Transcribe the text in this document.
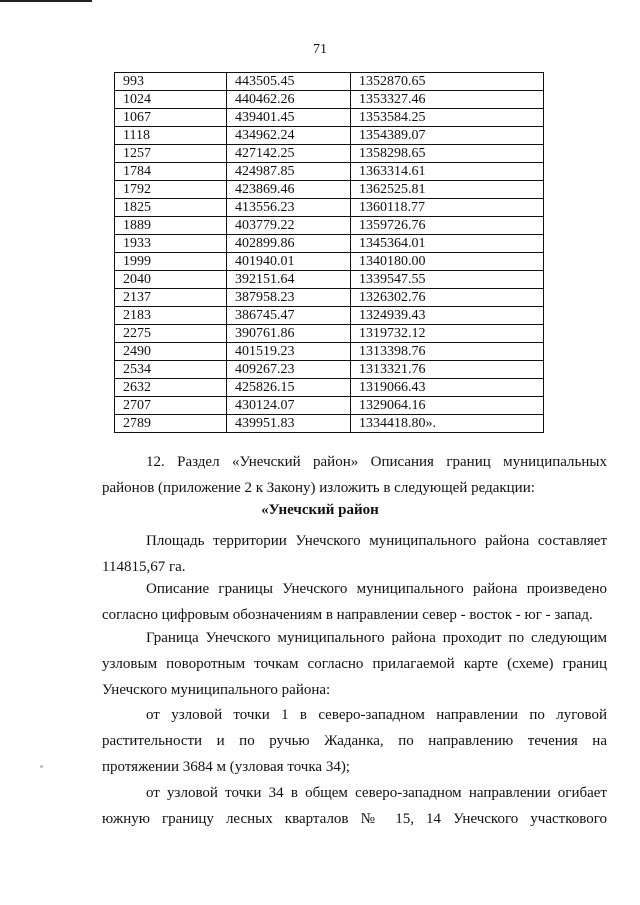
71
993	443505.45	1352870.65
1024	440462.26	1353327.46
1067	439401.45	1353584.25
1118	434962.24	1354389.07
1257	427142.25	1358298.65
1784	424987.85	1363314.61
1792	423869.46	1362525.81
1825	413556.23	1360118.77
1889	403779.22	1359726.76
1933	402899.86	1345364.01
1999	401940.01	1340180.00
2040	392151.64	1339547.55
2137	387958.23	1326302.76
2183	386745.47	1324939.43
2275	390761.86	1319732.12
2490	401519.23	1313398.76
2534	409267.23	1313321.76
2632	425826.15	1319066.43
2707	430124.07	1329064.16
2789	439951.83	1334418.80».
12. Раздел «Унечский район» Описания границ муниципальных
районов (приложение 2 к Закону) изложить в следующей редакции:
«Унечский район
Площадь территории Унечского муниципального района составляет
114815,67 га.
Описание границы Унечского муниципального района произведено
согласно цифровым обозначениям в направлении север - восток - юг - запад.
Граница Унечского муниципального района проходит по следующим
узловым поворотным точкам согласно прилагаемой карте (схеме) границ
Унечского муниципального района:
от узловой точки 1 в северо-западном направлении по луговой
растительности и по ручью Жаданка, по направлению течения на
протяжении 3684 м (узловая точка 34);
от узловой точки 34 в общем северо-западном направлении огибает
южную границу лесных кварталов № 15, 14 Унечского участкового
